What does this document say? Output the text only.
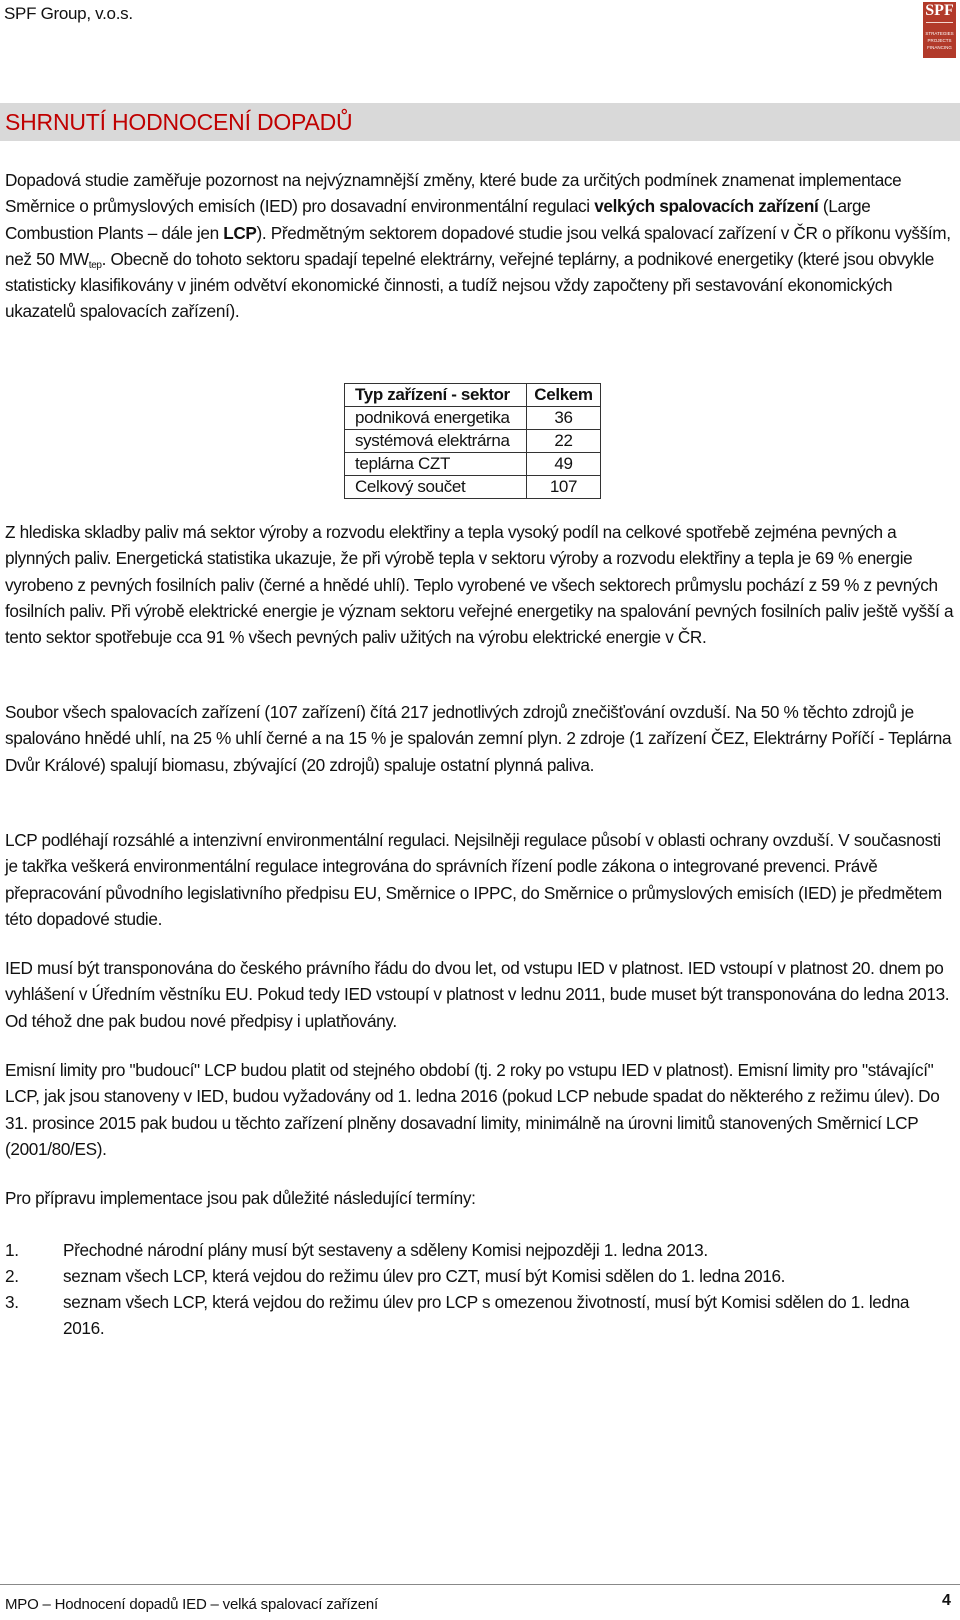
SPF Group, v.o.s.	SPF
STRATEGIES
PROJECTS
FINANCING
SHRNUTÍ HODNOCENÍ DOPADŮ

Dopadová studie zaměřuje pozornost na nejvýznamnější změny, které bude za určitých podmínek znamenat implementace Směrnice o průmyslových emisích (IED) pro dosavadní environmentální regulaci velkých spalovacích zařízení (Large Combustion Plants – dále jen LCP). Předmětným sektorem dopadové studie jsou velká spalovací zařízení v ČR o příkonu vyšším, než 50 $MW_{tep}$. Obecně do tohoto sektoru spadají tepelné elektrárny, veřejné teplárny, a podnikové energetiky (které jsou obvykle statisticky klasifikovány v jiném odvětví ekonomické činnosti, a tudíž nejsou vždy započteny při sestavování ekonomických ukazatelů spalovacích zařízení).

Typ zařízení - sektor	Celkem
podniková energetika	36
systémová elektrárna	22
teplárna CZT	49
Celkový součet	107

Z hlediska skladby paliv má sektor výroby a rozvodu elektřiny a tepla vysoký podíl na celkové spotřebě zejména pevných a plynných paliv. Energetická statistika ukazuje, že při výrobě tepla v sektoru výroby a rozvodu elektřiny a tepla je 69 % energie vyrobeno z pevných fosilních paliv (černé a hnědé uhlí). Teplo vyrobené ve všech sektorech průmyslu pochází z 59 % z pevných fosilních paliv. Při výrobě elektrické energie je význam sektoru veřejné energetiky na spalování pevných fosilních paliv ještě vyšší a tento sektor spotřebuje cca 91 % všech pevných paliv užitých na výrobu elektrické energie v ČR.

Soubor všech spalovacích zařízení (107 zařízení) čítá 217 jednotlivých zdrojů znečišťování ovzduší. Na 50 % těchto zdrojů je spalováno hnědé uhlí, na 25 % uhlí černé a na 15 % je spalován zemní plyn. 2 zdroje (1 zařízení ČEZ, Elektrárny Poříčí - Teplárna Dvůr Králové) spalují biomasu, zbývající (20 zdrojů) spaluje ostatní plynná paliva.

LCP podléhají rozsáhlé a intenzivní environmentální regulaci. Nejsilněji regulace působí v oblasti ochrany ovzduší. V současnosti je takřka veškerá environmentální regulace integrována do správních řízení podle zákona o integrované prevenci. Právě přepracování původního legislativního předpisu EU, Směrnice o IPPC, do Směrnice o průmyslových emisích (IED) je předmětem této dopadové studie.

IED musí být transponována do českého právního řádu do dvou let, od vstupu IED v platnost. IED vstoupí v platnost 20. dnem po vyhlášení v Úředním věstníku EU. Pokud tedy IED vstoupí v platnost v lednu 2011, bude muset být transponována do ledna 2013. Od téhož dne pak budou nové předpisy i uplatňovány.

Emisní limity pro "budoucí" LCP budou platit od stejného období (tj. 2 roky po vstupu IED v platnost). Emisní limity pro "stávající" LCP, jak jsou stanoveny v IED, budou vyžadovány od 1. ledna 2016 (pokud LCP nebude spadat do některého z režimu úlev). Do 31. prosince 2015 pak budou u těchto zařízení plněny dosavadní limity, minimálně na úrovni limitů stanovených Směrnicí LCP (2001/80/ES).

Pro přípravu implementace jsou pak důležité následující termíny:

1.	Přechodné národní plány musí být sestaveny a sděleny Komisi nejpozději 1. ledna 2013.
2.	seznam všech LCP, která vejdou do režimu úlev pro CZT, musí být Komisi sdělen do 1. ledna 2016.
3.	seznam všech LCP, která vejdou do režimu úlev pro LCP s omezenou životností, musí být Komisi sdělen do 1. ledna 2016.
MPO – Hodnocení dopadů IED – velká spalovací zařízení	4
